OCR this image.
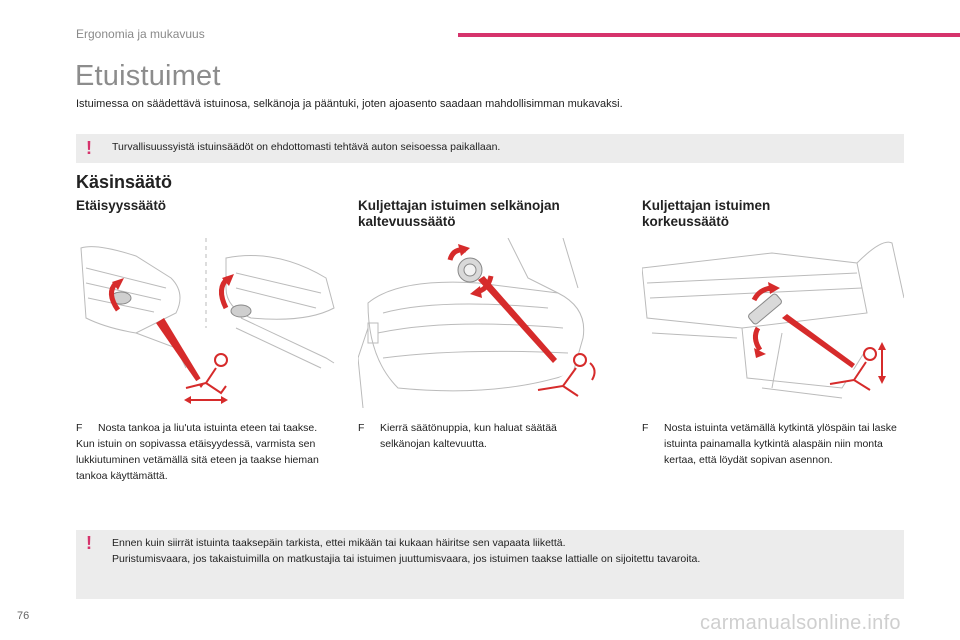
Ergonomia ja mukavuus
Etuistuimet
Istuimessa on säädettävä istuinosa, selkänoja ja pääntuki, joten ajoasento saadaan mahdollisimman mukavaksi.
! Turvallisuussyistä istuinsäädöt on ehdottomasti tehtävä auton seisoessa paikallaan.
Käsinsäätö
Etäisyyssäätö	Kuljettajan istuimen selkänojan
kaltevuussäätö
Kuljettajan istuimen
korkeussäätö
F	Nosta tankoa ja liu'uta istuinta eteen tai taakse.
Kun istuin on sopivassa etäisyydessä, varmista sen lukkiutuminen vetämällä sitä eteen ja taakse hieman tankoa käyttämättä.
F	Kierrä säätönuppia, kun haluat säätää selkänojan kaltevuutta.
F	Nosta istuinta vetämällä kytkintä ylöspäin tai laske istuinta painamalla kytkintä alaspäin niin monta kertaa, että löydät sopivan asennon.
! Ennen kuin siirrät istuinta taaksepäin tarkista, ettei mikään tai kukaan häiritse sen vapaata liikettä.
Puristumisvaara, jos takaistuimilla on matkustajia tai istuimen juuttumisvaara, jos istuimen taakse lattialle on sijoitettu tavaroita.
76	carmanualsonline.info
